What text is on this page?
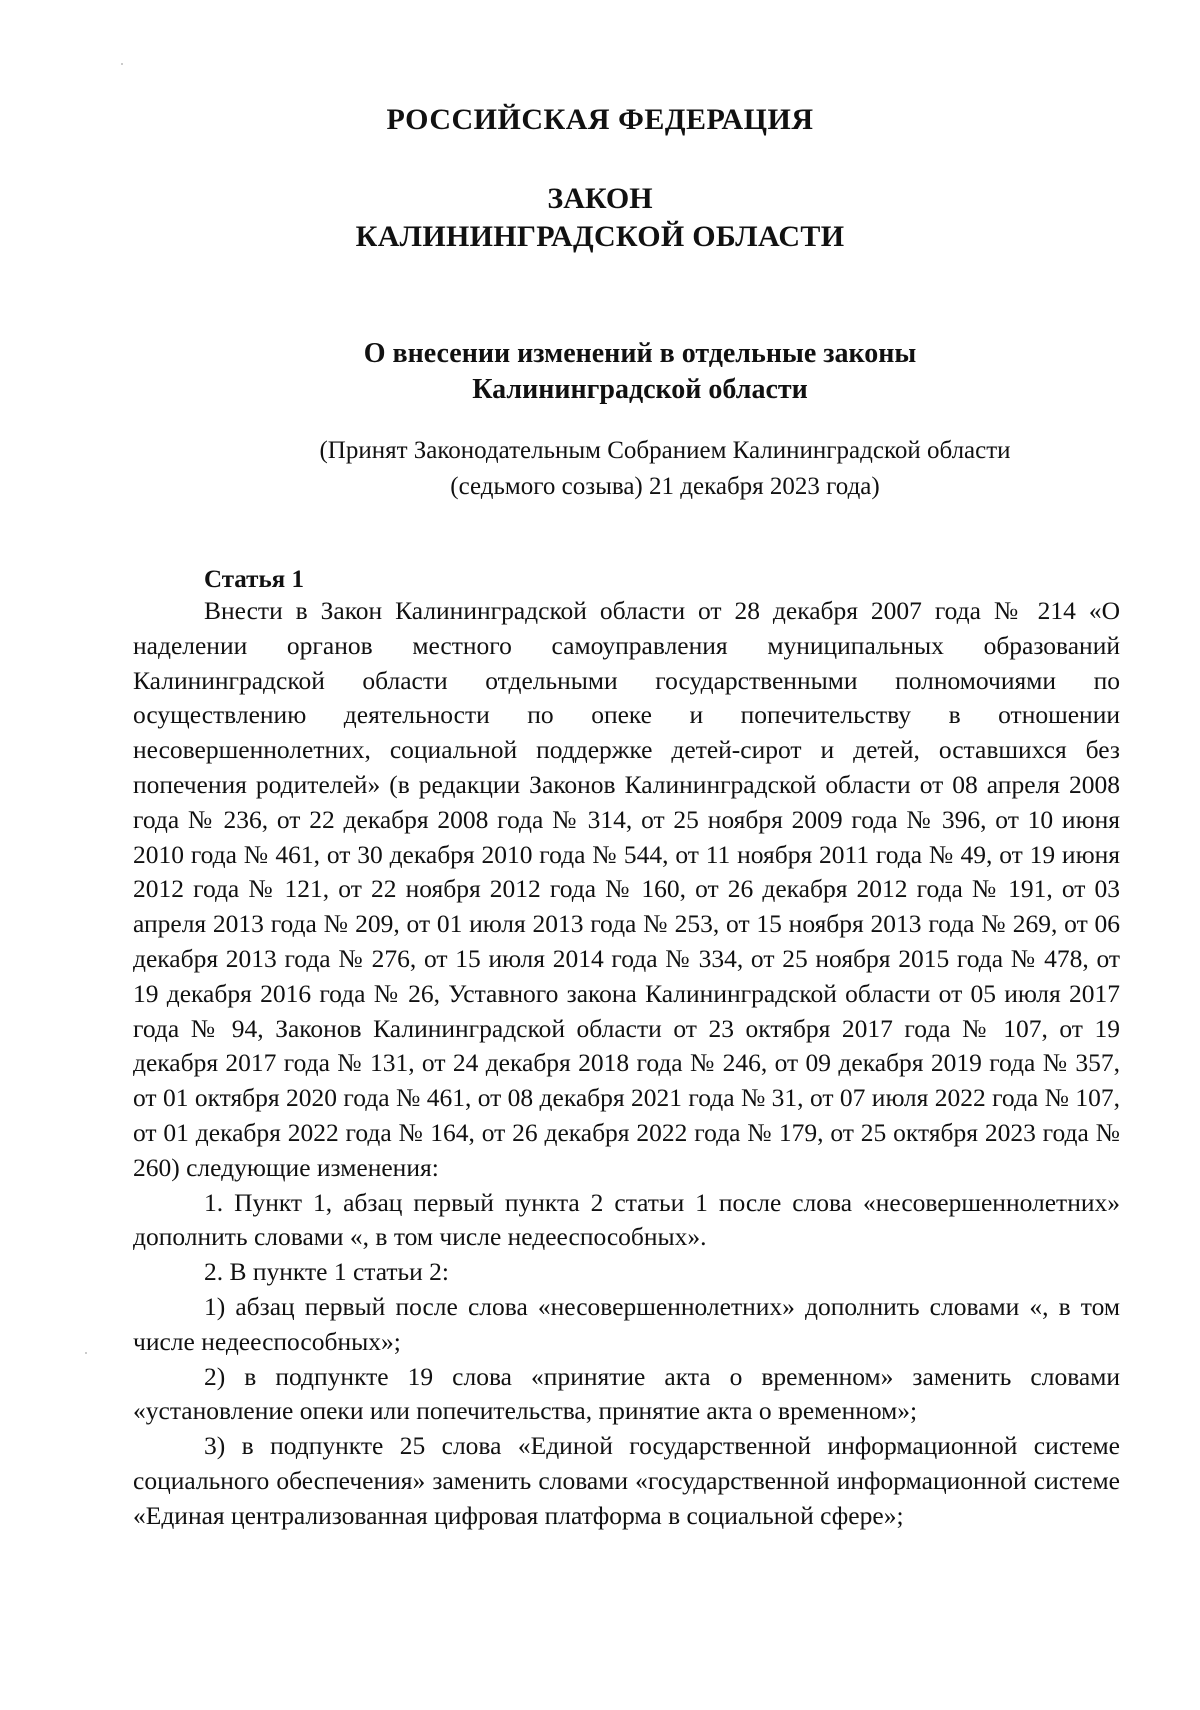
РОССИЙСКАЯ ФЕДЕРАЦИЯ
ЗАКОН
КАЛИНИНГРАДСКОЙ ОБЛАСТИ
О внесении изменений в отдельные законы
Калининградской области
(Принят Законодательным Собранием Калининградской области
(седьмого созыва) 21 декабря 2023 года)
Статья 1

Внести в Закон Калининградской области от 28 декабря 2007 года № 214 «О наделении органов местного самоуправления муниципальных образований Калининградской области отдельными государственными полномочиями по осуществлению деятельности по опеке и попечительству в отношении несовершеннолетних, социальной поддержке детей-сирот и детей, оставшихся без попечения родителей» (в редакции Законов Калининградской области от 08 апреля 2008 года № 236, от 22 декабря 2008 года № 314, от 25 ноября 2009 года № 396, от 10 июня 2010 года № 461, от 30 декабря 2010 года № 544, от 11 ноября 2011 года № 49, от 19 июня 2012 года № 121, от 22 ноября 2012 года № 160, от 26 декабря 2012 года № 191, от 03 апреля 2013 года № 209, от 01 июля 2013 года № 253, от 15 ноября 2013 года № 269, от 06 декабря 2013 года № 276, от 15 июля 2014 года № 334, от 25 ноября 2015 года № 478, от 19 декабря 2016 года № 26, Уставного закона Калининградской области от 05 июля 2017 года № 94, Законов Калининградской области от 23 октября 2017 года № 107, от 19 декабря 2017 года № 131, от 24 декабря 2018 года № 246, от 09 декабря 2019 года № 357, от 01 октября 2020 года № 461, от 08 декабря 2021 года № 31, от 07 июля 2022 года № 107, от 01 декабря 2022 года № 164, от 26 декабря 2022 года № 179, от 25 октября 2023 года № 260) следующие изменения:

1. Пункт 1, абзац первый пункта 2 статьи 1 после слова «несовершеннолетних» дополнить словами «, в том числе недееспособных».

2. В пункте 1 статьи 2:

1) абзац первый после слова «несовершеннолетних» дополнить словами «, в том числе недееспособных»;

2) в подпункте 19 слова «принятие акта о временном» заменить словами «установление опеки или попечительства, принятие акта о временном»;

3) в подпункте 25 слова «Единой государственной информационной системе социального обеспечения» заменить словами «государственной информационной системе «Единая централизованная цифровая платформа в социальной сфере»;
